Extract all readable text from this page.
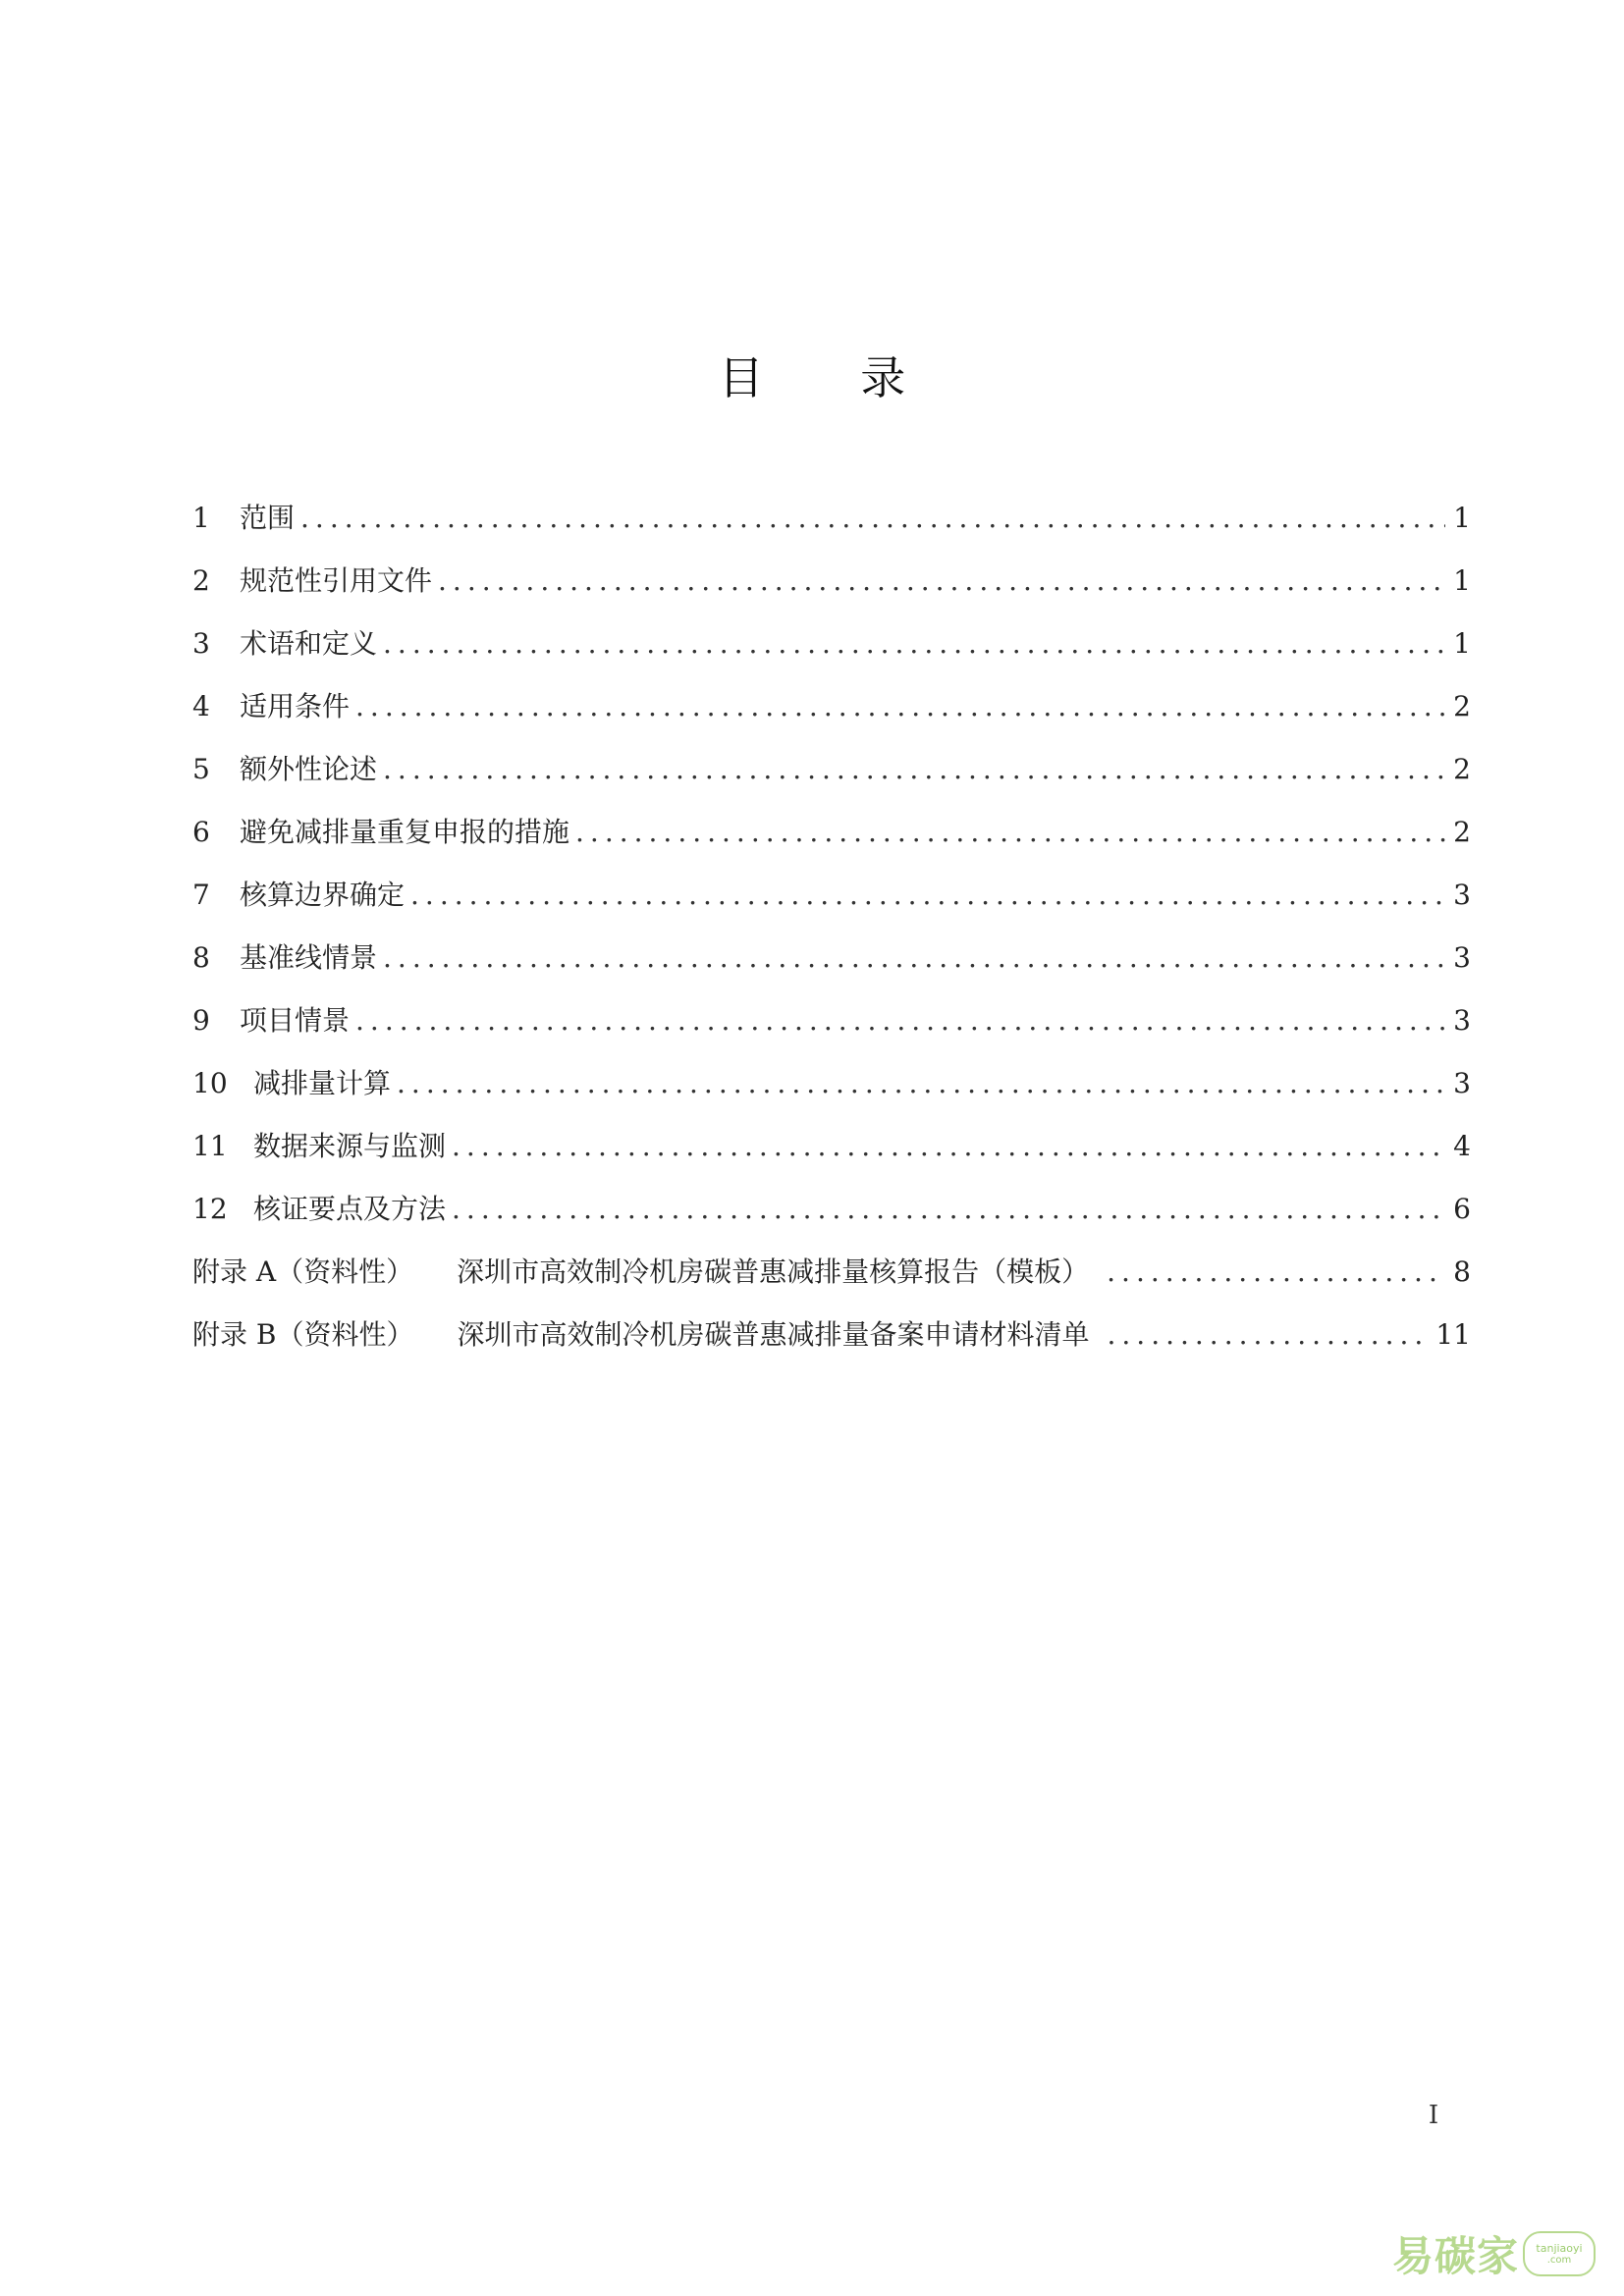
目 录
1	范围 .....	1
2	规范性引用文件 .....	1
3	术语和定义 .....	1
4	适用条件 .....	2
5	额外性论述 .....	2
6	避免减排量重复申报的措施 .....	2
7	核算边界确定 .....	3
8	基准线情景 .....	3
9	项目情景 .....	3
10 减排量计算 .....	3
11 数据来源与监测 .....	4
12 核证要点及方法 .....	6
附录 A（资料性） 深圳市高效制冷机房碳普惠减排量核算报告（模板） .....	8
附录 B（资料性） 深圳市高效制冷机房碳普惠减排量备案申请材料清单 .....	11
I
易碳家 tanjiaoyi
.com
